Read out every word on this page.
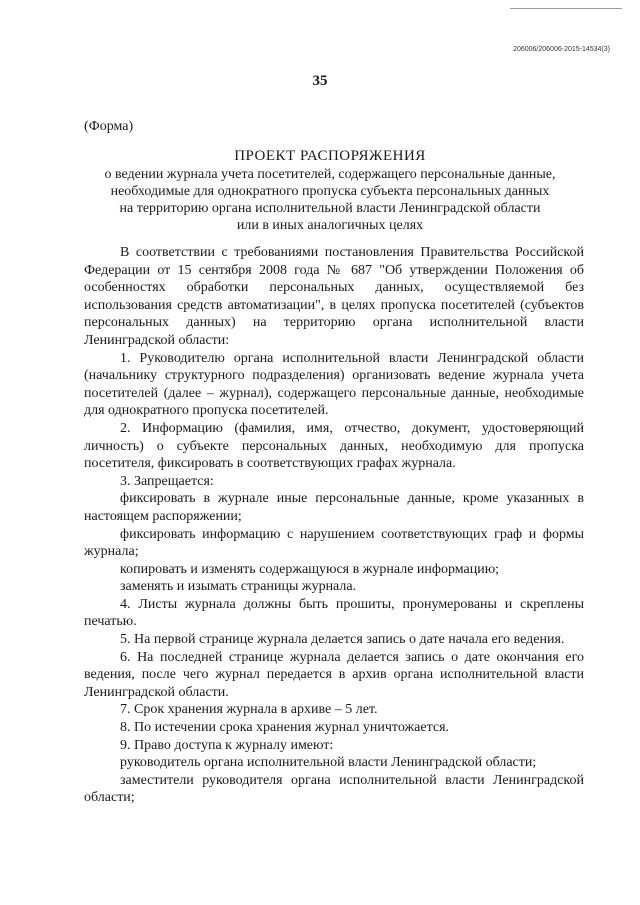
206006/206006-2015-14534(3)
35
(Форма)
ПРОЕКТ РАСПОРЯЖЕНИЯ
о ведении журнала учета посетителей, содержащего персональные данные,
необходимые для однократного пропуска субъекта персональных данных
на территорию органа исполнительной власти Ленинградской области
или в иных аналогичных целях

В соответствии с требованиями постановления Правительства Российской Федерации от 15 сентября 2008 года № 687 "Об утверждении Положения об особенностях обработки персональных данных, осуществляемой без использования средств автоматизации", в целях пропуска посетителей (субъектов персональных данных) на территорию органа исполнительной власти Ленинградской области:

1. Руководителю органа исполнительной власти Ленинградской области (начальнику структурного подразделения) организовать ведение журнала учета посетителей (далее – журнал), содержащего персональные данные, необходимые для однократного пропуска посетителей.

2. Информацию (фамилия, имя, отчество, документ, удостоверяющий личность) о субъекте персональных данных, необходимую для пропуска посетителя, фиксировать в соответствующих графах журнала.

3. Запрещается:

фиксировать в журнале иные персональные данные, кроме указанных в настоящем распоряжении;

фиксировать информацию с нарушением соответствующих граф и формы журнала;

копировать и изменять содержащуюся в журнале информацию;

заменять и изымать страницы журнала.

4. Листы журнала должны быть прошиты, пронумерованы и скреплены печатью.

5. На первой странице журнала делается запись о дате начала его ведения.

6. На последней странице журнала делается запись о дате окончания его ведения, после чего журнал передается в архив органа исполнительной власти Ленинградской области.

7. Срок хранения журнала в архиве – 5 лет.

8. По истечении срока хранения журнал уничтожается.

9. Право доступа к журналу имеют:

руководитель органа исполнительной власти Ленинградской области;

заместители руководителя органа исполнительной власти Ленинградской области;
